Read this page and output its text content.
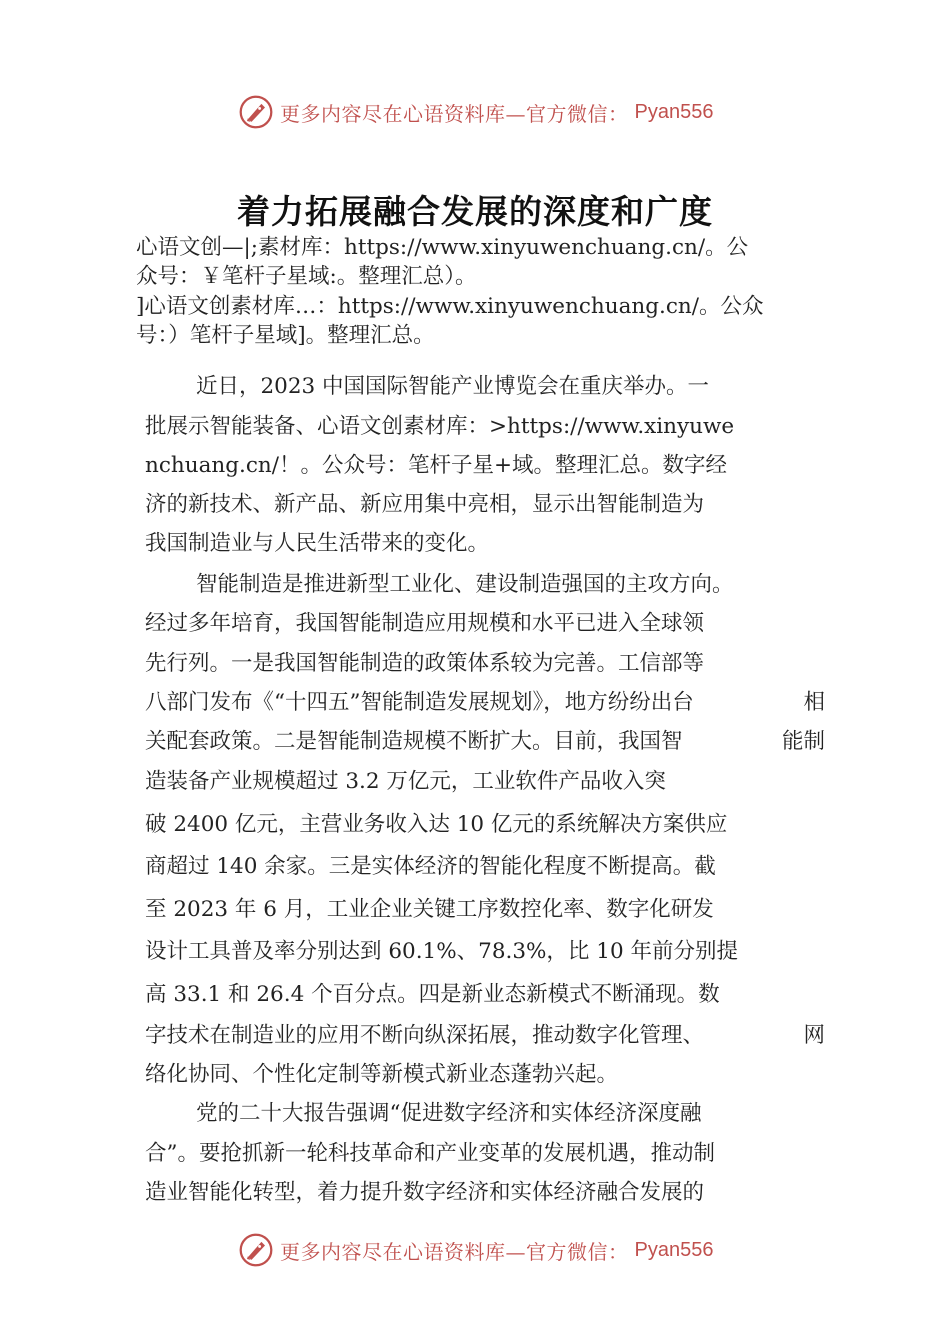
更多内容尽在心语资料库—官方微信： Pyan556
着力拓展融合发展的深度和广度

心语文创—|;素材库：https://www.xinyuwenchuang.cn/。公

众号：￥笔杆子星域:。整理汇总）。

]心语文创素材库…：https://www.xinyuwenchuang.cn/。公众

号：）笔杆子星域]。整理汇总。

近日，2023 中国国际智能产业博览会在重庆举办。一

批展示智能装备、心语文创素材库：>https://www.xinyuwe

nchuang.cn/！。公众号：笔杆子星+域。整理汇总。数字经

济的新技术、新产品、新应用集中亮相，显示出智能制造为

我国制造业与人民生活带来的变化。

智能制造是推进新型工业化、建设制造强国的主攻方向。

经过多年培育，我国智能制造应用规模和水平已进入全球领

先行列。一是我国智能制造的政策体系较为完善。工信部等

八部门发布《“十四五”智能制造发展规划》，地方纷纷出台	相
关配套政策。二是智能制造规模不断扩大。目前，我国智	能制

造装备产业规模超过 3.2 万亿元，工业软件产品收入突

破 2400 亿元，主营业务收入达 10 亿元的系统解决方案供应

商超过 140 余家。三是实体经济的智能化程度不断提高。截

至 2023 年 6 月，工业企业关键工序数控化率、数字化研发

设计工具普及率分别达到 60.1%、78.3%，比 10 年前分别提

高 33.1 和 26.4 个百分点。四是新业态新模式不断涌现。数

字技术在制造业的应用不断向纵深拓展，推动数字化管理、	网

络化协同、个性化定制等新模式新业态蓬勃兴起。

党的二十大报告强调“促进数字经济和实体经济深度融

合”。要抢抓新一轮科技革命和产业变革的发展机遇，推动制

造业智能化转型，着力提升数字经济和实体经济融合发展的

更多内容尽在心语资料库—官方微信： Pyan556
